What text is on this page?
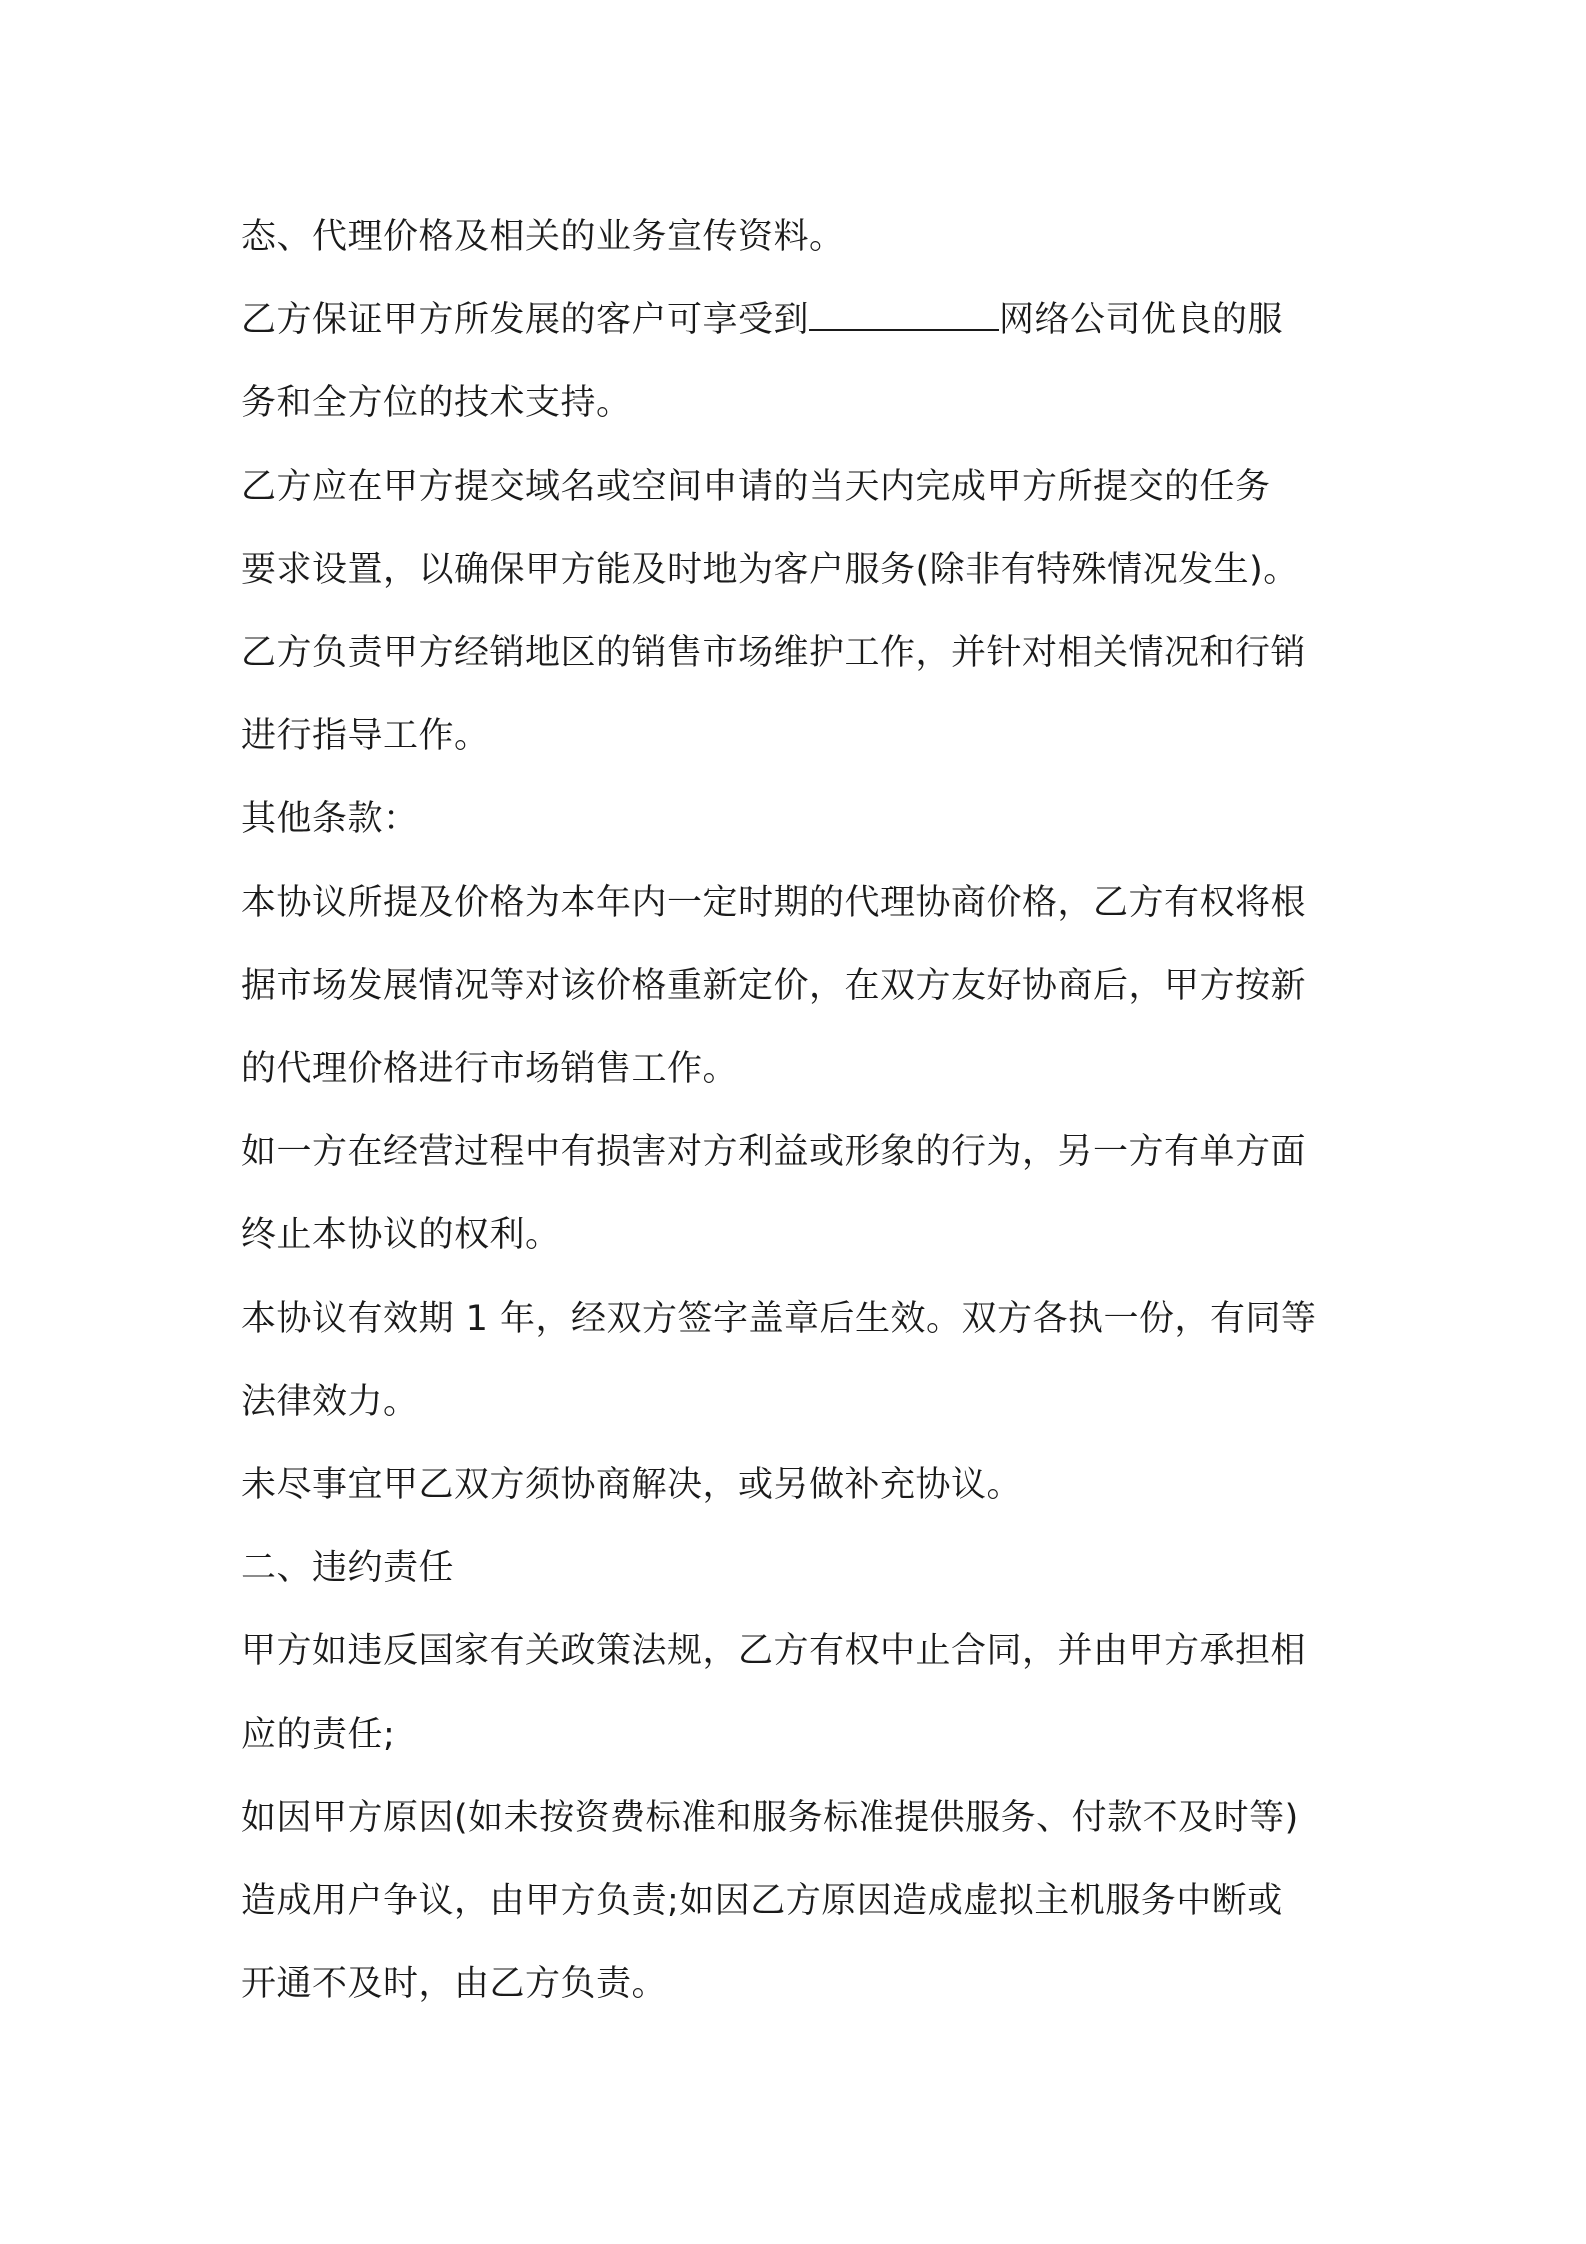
态、代理价格及相关的业务宣传资料。

乙方保证甲方所发展的客户可享受到	网络公司优良的服

务和全方位的技术支持。

乙方应在甲方提交域名或空间申请的当天内完成甲方所提交的任务

要求设置，以确保甲方能及时地为客户服务(除非有特殊情况发生)。

乙方负责甲方经销地区的销售市场维护工作，并针对相关情况和行销

进行指导工作。

其他条款：

本协议所提及价格为本年内一定时期的代理协商价格，乙方有权将根

据市场发展情况等对该价格重新定价，在双方友好协商后，甲方按新

的代理价格进行市场销售工作。

如一方在经营过程中有损害对方利益或形象的行为，另一方有单方面

终止本协议的权利。

本协议有效期 1 年，经双方签字盖章后生效。双方各执一份，有同等

法律效力。

未尽事宜甲乙双方须协商解决，或另做补充协议。

二、违约责任

甲方如违反国家有关政策法规，乙方有权中止合同，并由甲方承担相

应的责任;

如因甲方原因(如未按资费标准和服务标准提供服务、付款不及时等)

造成用户争议，由甲方负责;如因乙方原因造成虚拟主机服务中断或

开通不及时，由乙方负责。
